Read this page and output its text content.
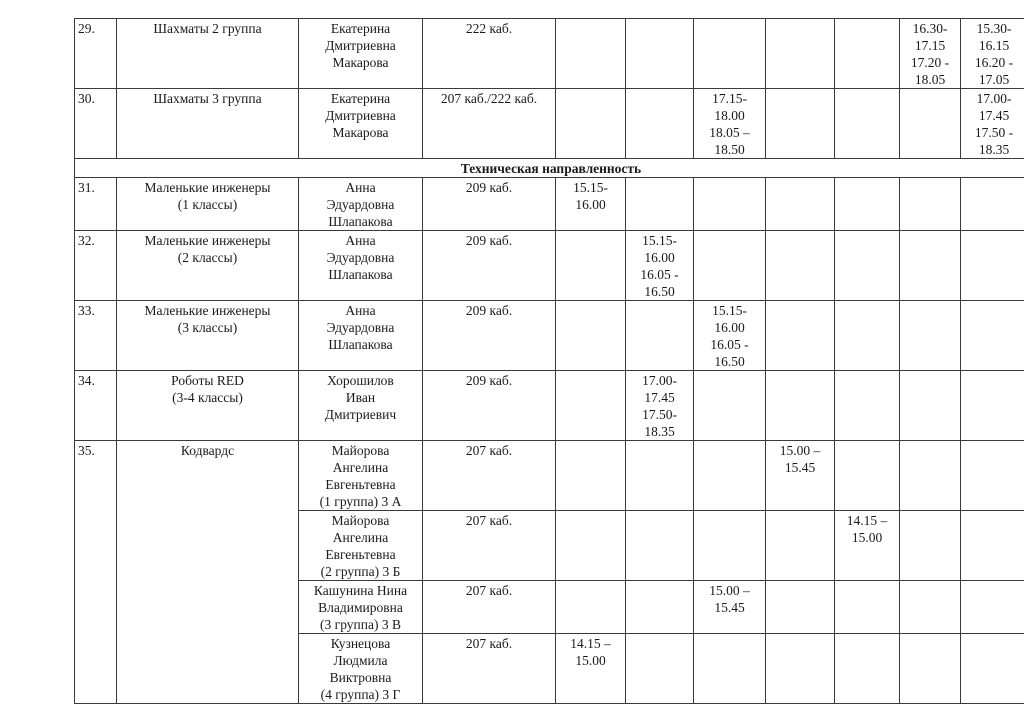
29.	Шахматы 2 группа	Екатерина
Дмитриевна
Макарова	222 каб.						16.30-
17.15
17.20 -
18.05	15.30-
16.15
16.20 -
17.05

30.	Шахматы 3 группа	Екатерина
Дмитриевна
Макарова	207 каб./222 каб.			17.15-
18.00
18.05 –
18.50				17.00-
17.45
17.50 -
18.35

Техническая направленность										
31.	Маленькие инженеры
(1 классы)	Анна
Эдуардовна
Шлапакова	209 каб.	15.15-
16.00						

32.	Маленькие инженеры
(2 классы)	Анна
Эдуардовна
Шлапакова	209 каб.		15.15-
16.00
16.05 -
16.50					

33.	Маленькие инженеры
(3 классы)	Анна
Эдуардовна
Шлапакова	209 каб.			15.15-
16.00
16.05 -
16.50				

34.	Роботы RED
(3-4 классы)	Хорошилов
Иван
Дмитриевич	209 каб.		17.00-
17.45
17.50-
18.35					

35.	Кодвардс	Майорова
Ангелина
Евгеньтевна
(1 группа) 3 А	207 каб.				15.00 –
15.45			

		Майорова
Ангелина
Евгеньтевна
(2 группа) 3 Б	207 каб.					14.15 –
15.00		

		Кашунина Нина
Владимировна
(3 группа) 3 В	207 каб.			15.00 –
15.45				

		Кузнецова
Людмила
Виктровна
(4 группа) 3 Г	207 каб.	14.15 –
15.00						
